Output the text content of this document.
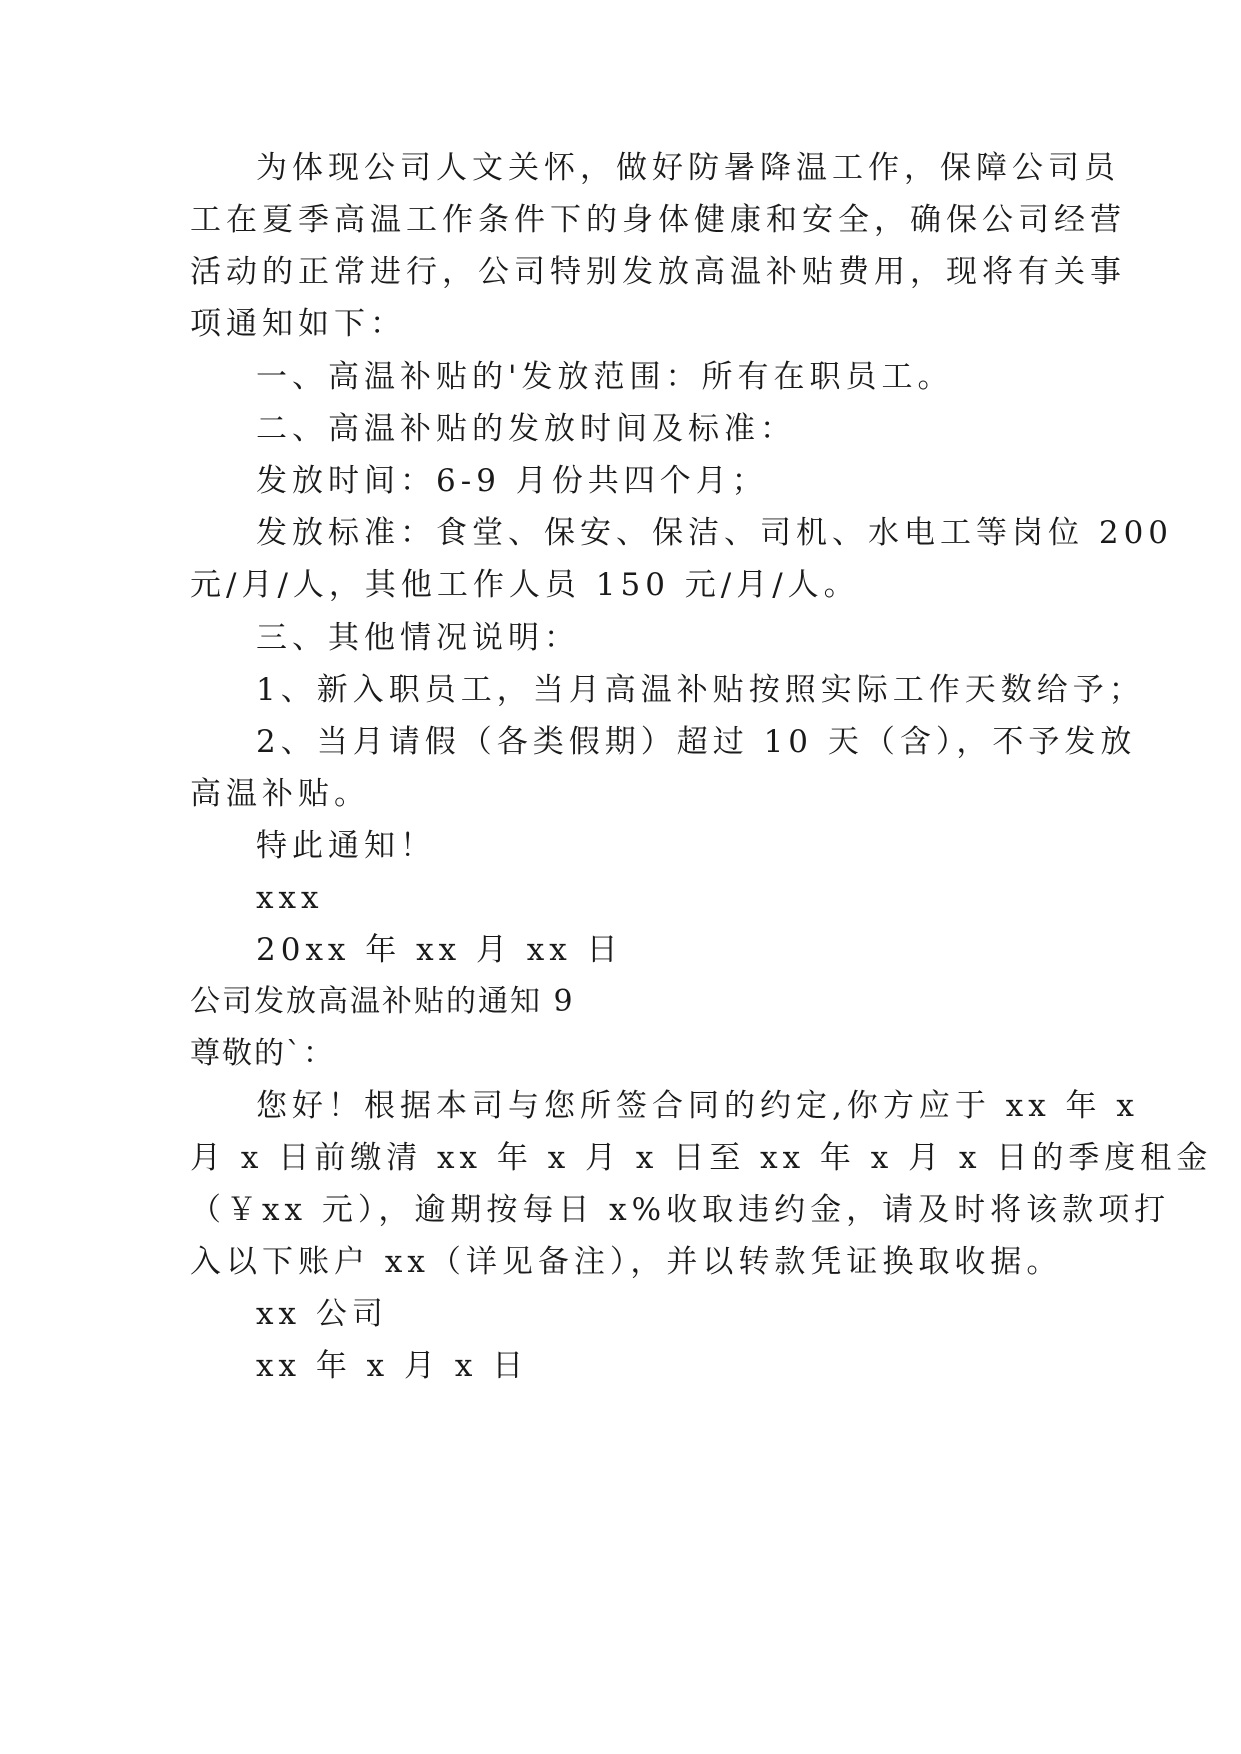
为体现公司人文关怀，做好防暑降温工作，保障公司员
工在夏季高温工作条件下的身体健康和安全，确保公司经营
活动的正常进行，公司特别发放高温补贴费用，现将有关事
项通知如下：
一、高温补贴的'发放范围：所有在职员工。
二、高温补贴的发放时间及标准：
发放时间：6-9 月份共四个月；
发放标准：食堂、保安、保洁、司机、水电工等岗位 200
元/月/人，其他工作人员 150 元/月/人。
三、其他情况说明：
1、新入职员工，当月高温补贴按照实际工作天数给予；
2、当月请假（各类假期）超过 10 天（含），不予发放
高温补贴。
特此通知！
xxx
20xx 年 xx 月 xx 日
公司发放高温补贴的通知 9
尊敬的`：
您好！根据本司与您所签合同的约定,你方应于 xx 年 x
月 x 日前缴清 xx 年 x 月 x 日至 xx 年 x 月 x 日的季度租金
（￥xx 元），逾期按每日 x%收取违约金，请及时将该款项打
入以下账户 xx（详见备注），并以转款凭证换取收据。
xx 公司
xx 年 x 月 x 日
